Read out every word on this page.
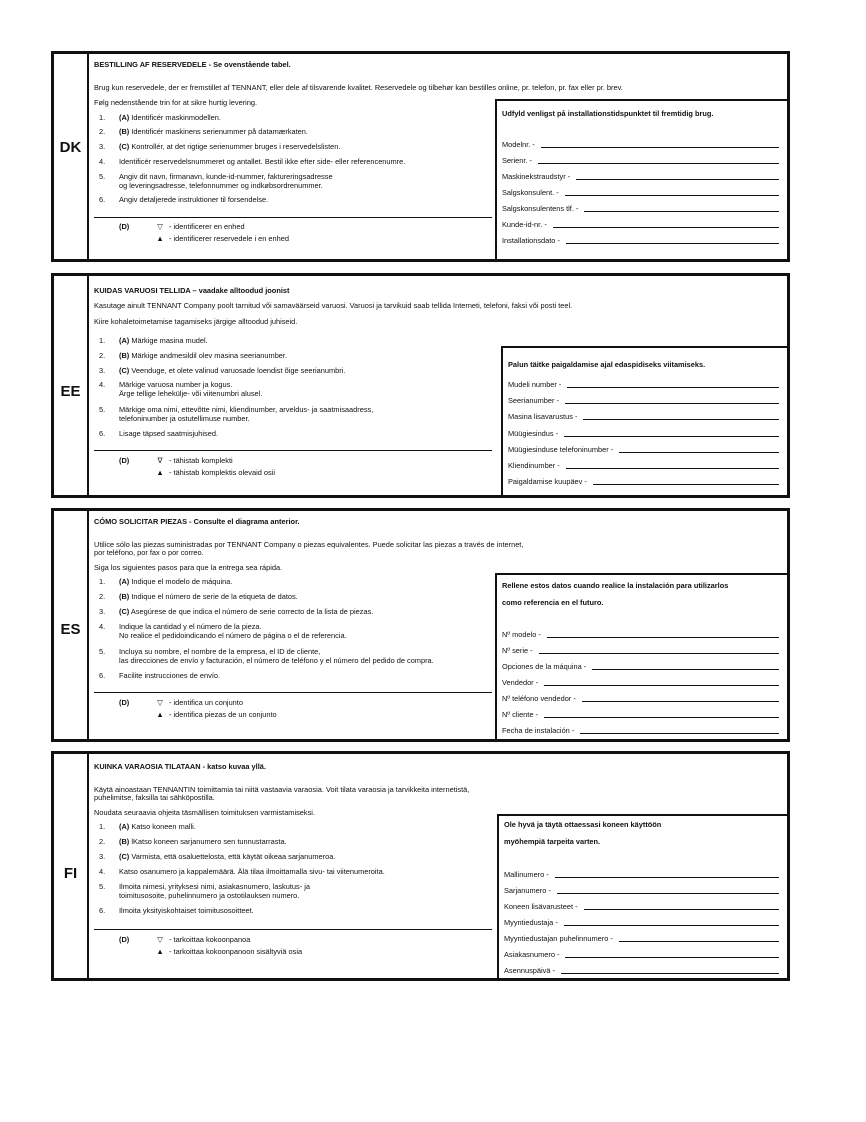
DK
BESTILLING AF RESERVEDELE - Se ovenstående tabel.
Brug kun reservedele, der er fremstillet af TENNANT, eller dele af tilsvarende kvalitet. Reservedele og tilbehør kan bestilles online, pr. telefon, pr. fax eller pr. brev.
Følg nedenstående trin for at sikre hurtig levering.
1.	(A) Identificér maskinmodellen.
2.	(B) Identificér maskinens serienummer på datamærkaten.
3.	(C) Kontrollér, at det rigtige serienummer bruges i reservedelslisten.
4.	Identificér reservedelsnummeret og antallet. Bestil ikke efter side- eller referencenumre.
5.	Angiv dit navn, firmanavn, kunde-id-nummer, faktureringsadresse
og leveringsadresse, telefonnummer og indkøbsordrenummer.
6.	Angiv detaljerede instruktioner til forsendelse.
(D)	▽ - identificerer en enhed
▲ - identificerer reservedele i en enhed
Udfyld venligst på installationstidspunktet til fremtidig brug.
Modelnr. -
Serienr. -
Maskinekstraudstyr -
Salgskonsulent. -
Salgskonsulentens tlf. -
Kunde-id-nr. -
Installationsdato -
EE
KUIDAS VARUOSI TELLIDA – vaadake alltoodud joonist
Kasutage ainult TENNANT Company poolt tarnitud või samaväärseid varuosi. Varuosi ja tarvikuid saab tellida Interneti, telefoni, faksi või posti teel.
Kiire kohaletoimetamise tagamiseks järgige alltoodud juhiseid.
1.	(A) Märkige masina mudel.
2.	(B) Märkige andmesildil olev masina seerianumber.
3.	(C) Veenduge, et olete valinud varuosade loendist õige seerianumbri.
4.	Märkige varuosa number ja kogus.
Ärge tellige leheküljе- või viitenumbri alusel.
5.	Märkige oma nimi, ettevõtte nimi, kliendinumber, arveldus- ja saatmisaadress,
telefoninumber ja ostutellimuse number.
6.	Lisage täpsed saatmisjuhised.
(D)	∇ - tähistab komplekti
▲ - tähistab komplektis olevaid osii
Palun täitke paigaldamise ajal edaspidiseks viitamiseks.
Mudeli number -
Seerianumber -
Masina lisavarustus -
Müügiesindus -
Müügiesinduse telefoninumber -
Kliendinumber -
Paigaldamise kuupäev -
ES
CÓMO SOLICITAR PIEZAS - Consulte el diagrama anterior.
Utilice sólo las piezas suministradas por TENNANT Company o piezas equivalentes. Puede solicitar las piezas a través de internet,
por teléfono, por fax o por correo.
Siga los siguientes pasos para que la entrega sea rápida.
1.	(A) Indique el modelo de máquina.
2.	(B) Indique el número de serie de la etiqueta de datos.
3.	(C) Asegúrese de que indica el número de serie correcto de la lista de piezas.
4.	Indique la cantidad y el número de la pieza.
No realice el pedidoindicando el número de página o el de referencia.
5.	Incluya su nombre, el nombre de la empresa, el ID de cliente,
las direcciones de envío y facturación, el número de teléfono y el número del pedido de compra.
6.	Facilite instrucciones de envío.
(D)	▽ - identifica un conjunto
▲ - identifica piezas de un conjunto
Rellene estos datos cuando realice la instalación para utilizarlos
como referencia en el futuro.
Nº modelo -
Nº serie -
Opciones de la máquina -
Vendedor -
Nº teléfono vendedor -
Nº cliente -
Fecha de instalación -
FI
KUINKA VARAOSIA TILATAAN - katso kuvaa yllä.
Käytä ainoastaan TENNANTIN toimittamia tai niitä vastaavia varaosia. Voit tilata varaosia ja tarvikkeita internetistä,
puhelimitse, faksilla tai sähköpostilla.
Noudata seuraavia ohjeita täsmällisen toimituksen varmistamiseksi.
1.	(A) Katso koneen malli.
2.	(B) lKatso koneen sarjanumero sen tunnustarrasta.
3.	(C) Varmista, että osaluettelosta, että käytät oikeaa sarjanumeroa.
4.	Katso osanumero ja kappalemäärä. Älä tilaa ilmoittamalla sivu- tai viitenumeroita.
5.	Ilmoita nimesi, yrityksesi nimi, asiakasnumero, laskutus- ja
toimitusosoite, puhelinnumero ja ostotilauksen numero.
6.	Ilmoita yksityiskohtaiset toimitusosoitteet.
(D)	▽ - tarkoittaa kokoonpanoa
▲ - tarkoittaa kokoonpanoon sisältyviä osia
Ole hyvä ja täytä ottaessasi koneen käyttöön
myöhempiä tarpeita varten.
Mallinumero -
Sarjanumero -
Koneen lisävarusteet -
Myyntiedustaja -
Myyntiedustajan puhelinnumero -
Asiakasnumero -
Asennuspäivä -
